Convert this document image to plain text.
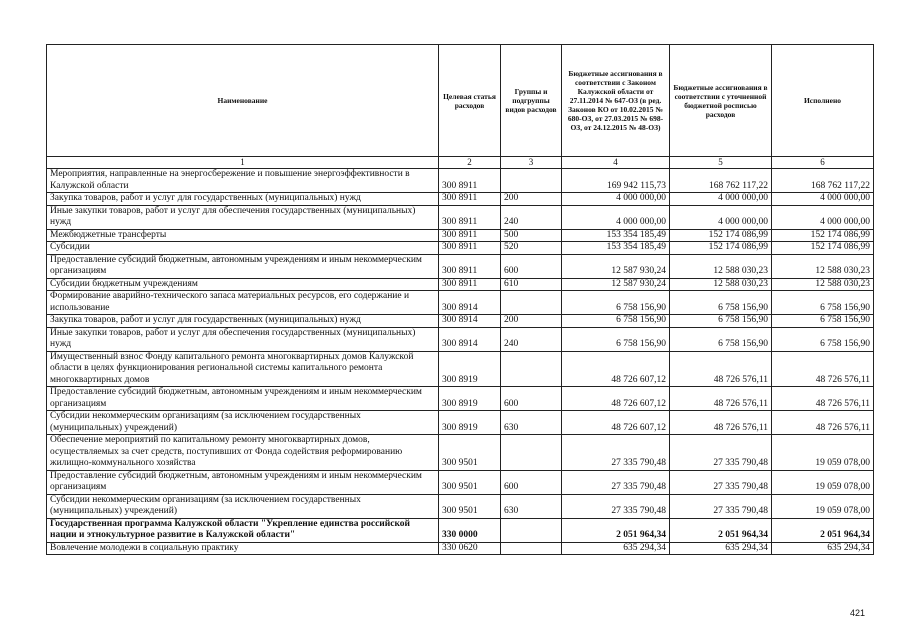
Наименование	Целевая статья расходов	Группы и подгруппы видов расходов	Бюджетные ассигнования в соответствии с Законом Калужской области от 27.11.2014 № 647-ОЗ (в ред. Законов КО от 10.02.2015 № 680-ОЗ, от 27.03.2015 № 698-ОЗ, от 24.12.2015 № 48-ОЗ)	Бюджетные ассигнования в соответствии с уточненной бюджетной росписью расходов	Исполнено
1	2	3	4	5	6
Мероприятия, направленные на энергосбережение и повышение энергоэффективности в Калужской области	300 8911		169 942 115,73	168 762 117,22	168 762 117,22
Закупка товаров, работ и услуг для государственных (муниципальных) нужд	300 8911	200	4 000 000,00	4 000 000,00	4 000 000,00
Иные закупки товаров, работ и услуг для обеспечения государственных (муниципальных) нужд	300 8911	240	4 000 000,00	4 000 000,00	4 000 000,00
Межбюджетные трансферты	300 8911	500	153 354 185,49	152 174 086,99	152 174 086,99
Субсидии	300 8911	520	153 354 185,49	152 174 086,99	152 174 086,99
Предоставление субсидий бюджетным, автономным учреждениям и иным некоммерческим организациям	300 8911	600	12 587 930,24	12 588 030,23	12 588 030,23
Субсидии бюджетным учреждениям	300 8911	610	12 587 930,24	12 588 030,23	12 588 030,23
Формирование аварийно-технического запаса материальных ресурсов, его содержание и использование	300 8914		6 758 156,90	6 758 156,90	6 758 156,90
Закупка товаров, работ и услуг для государственных (муниципальных) нужд	300 8914	200	6 758 156,90	6 758 156,90	6 758 156,90
Иные закупки товаров, работ и услуг для обеспечения государственных (муниципальных) нужд	300 8914	240	6 758 156,90	6 758 156,90	6 758 156,90
Имущественный взнос Фонду капитального ремонта многоквартирных домов Калужской области в целях функционирования региональной системы капитального ремонта многоквартирных домов	300 8919		48 726 607,12	48 726 576,11	48 726 576,11
Предоставление субсидий бюджетным, автономным учреждениям и иным некоммерческим организациям	300 8919	600	48 726 607,12	48 726 576,11	48 726 576,11
Субсидии некоммерческим организациям (за исключением государственных (муниципальных) учреждений)	300 8919	630	48 726 607,12	48 726 576,11	48 726 576,11
Обеспечение мероприятий по капитальному ремонту многоквартирных домов, осуществляемых за счет средств, поступивших от Фонда содействия реформированию жилищно-коммунального хозяйства	300 9501		27 335 790,48	27 335 790,48	19 059 078,00
Предоставление субсидий бюджетным, автономным учреждениям и иным некоммерческим организациям	300 9501	600	27 335 790,48	27 335 790,48	19 059 078,00
Субсидии некоммерческим организациям (за исключением государственных (муниципальных) учреждений)	300 9501	630	27 335 790,48	27 335 790,48	19 059 078,00
Государственная программа Калужской области "Укрепление единства российской нации и этнокультурное развитие в Калужской области"	330 0000		2 051 964,34	2 051 964,34	2 051 964,34
Вовлечение молодежи в социальную практику	330 0620		635 294,34	635 294,34	635 294,34
421
